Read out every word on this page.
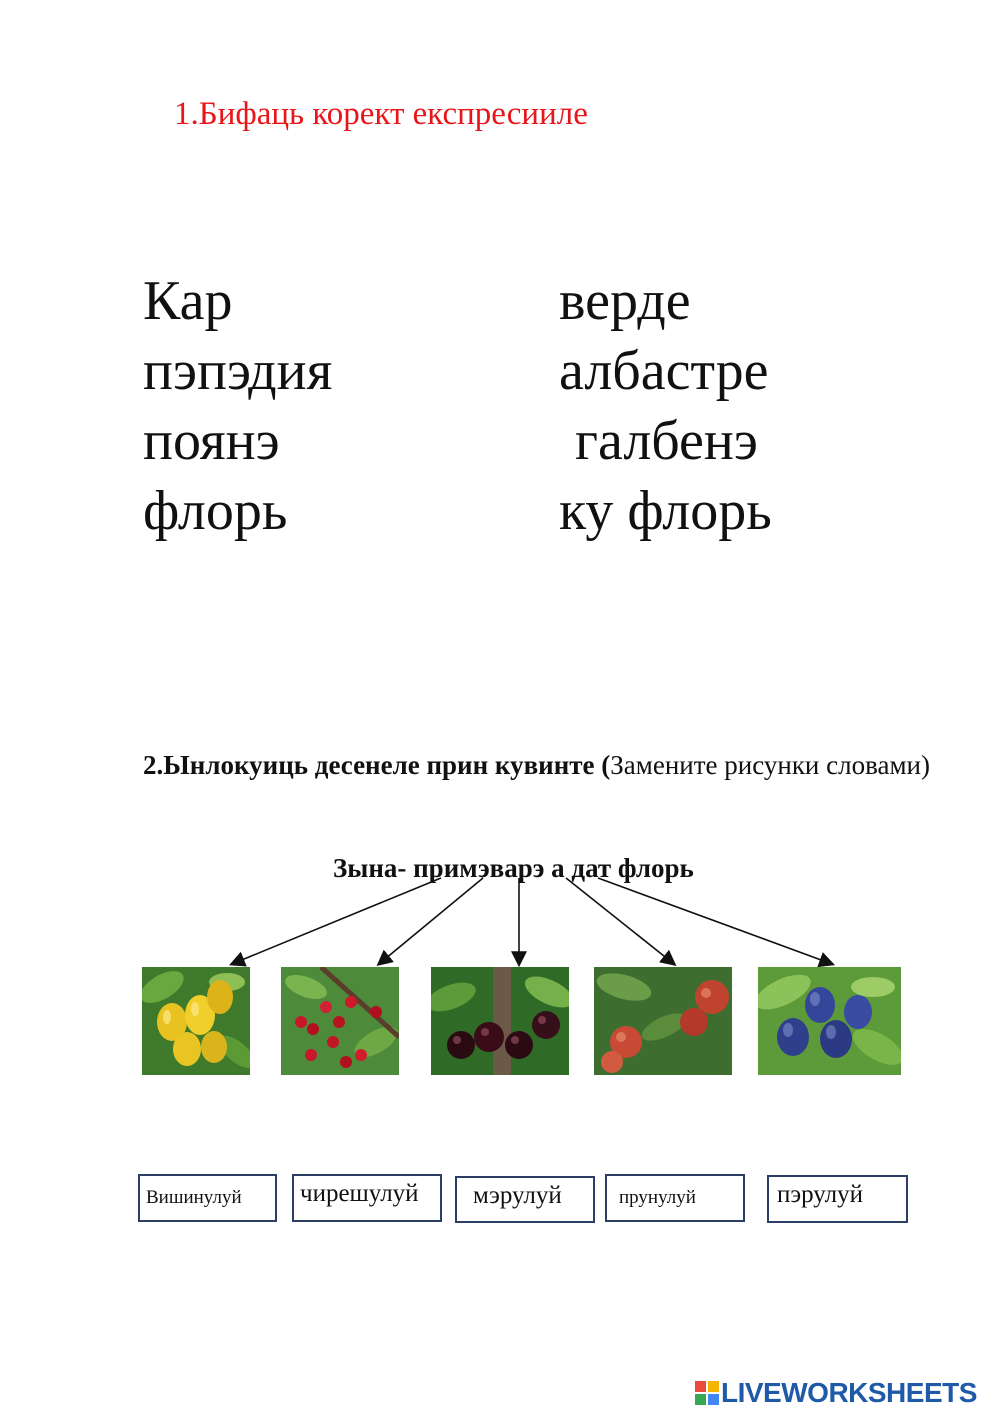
1.Бифаць корект експресииле
Кар
пэпэдия
поянэ
флорь
верде
албастре
галбенэ
ку флорь
2.Ынлокуиць десенеле прин кувинте (Замените рисунки словами)
Зына- примэварэ а дат флорь
Вишинулуй чирешулуй мэрулуй	прунулуй	пэрулуй
LIVEWORKSHEETS
